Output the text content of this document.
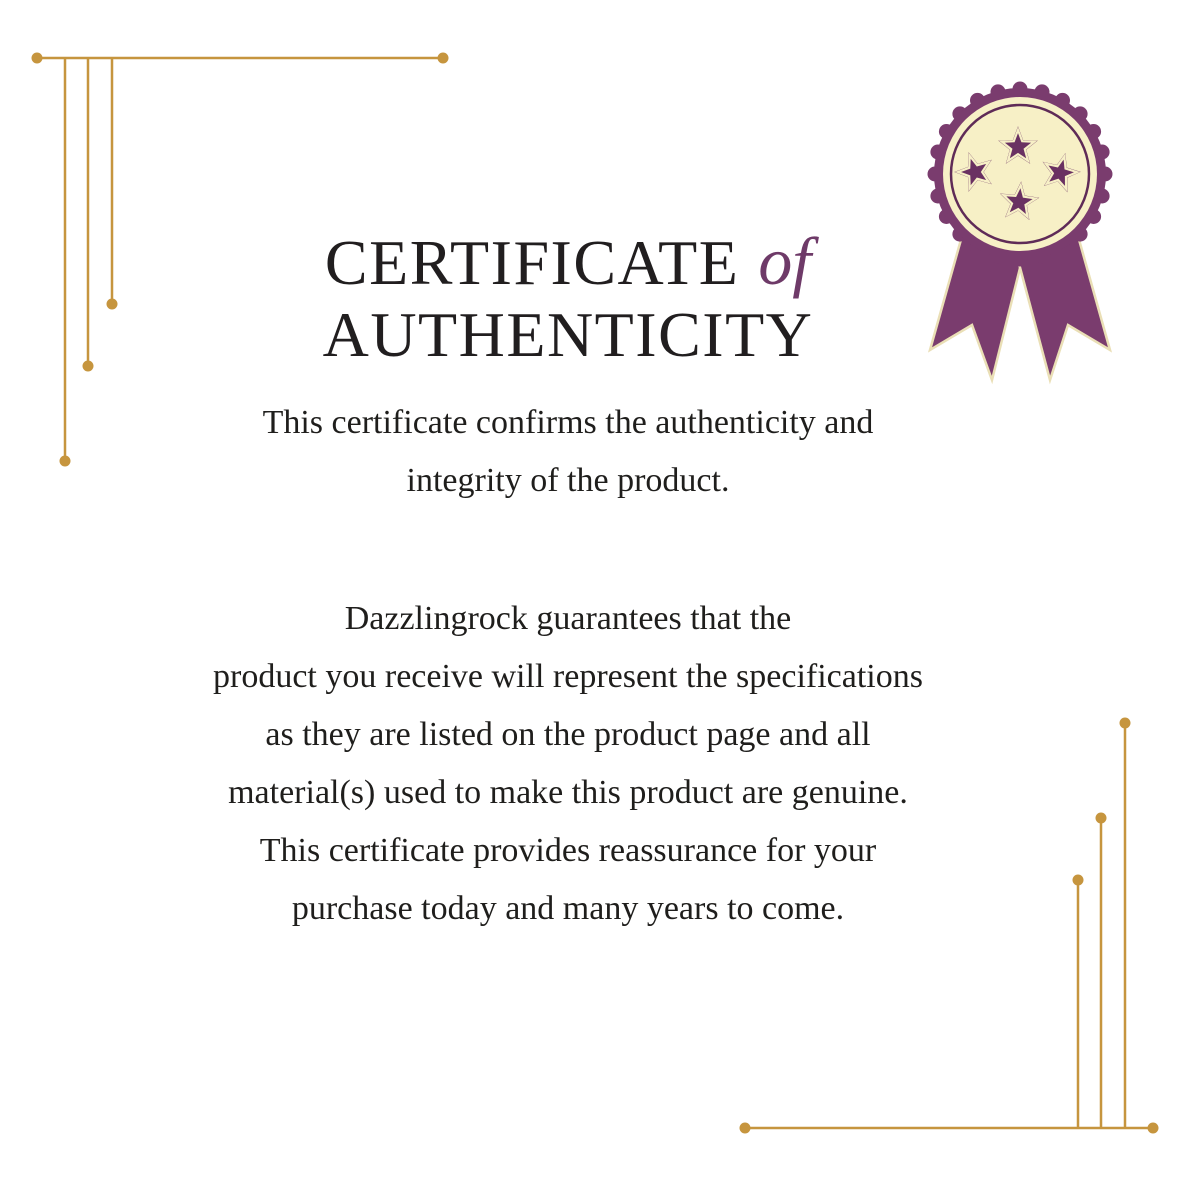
CERTIFICATE of
AUTHENTICITY
This certificate confirms the authenticity and
integrity of the product.
Dazzlingrock guarantees that the
product you receive will represent the specifications
as they are listed on the product page and all
material(s) used to make this product are genuine.
This certificate provides reassurance for your
purchase today and many years to come.
